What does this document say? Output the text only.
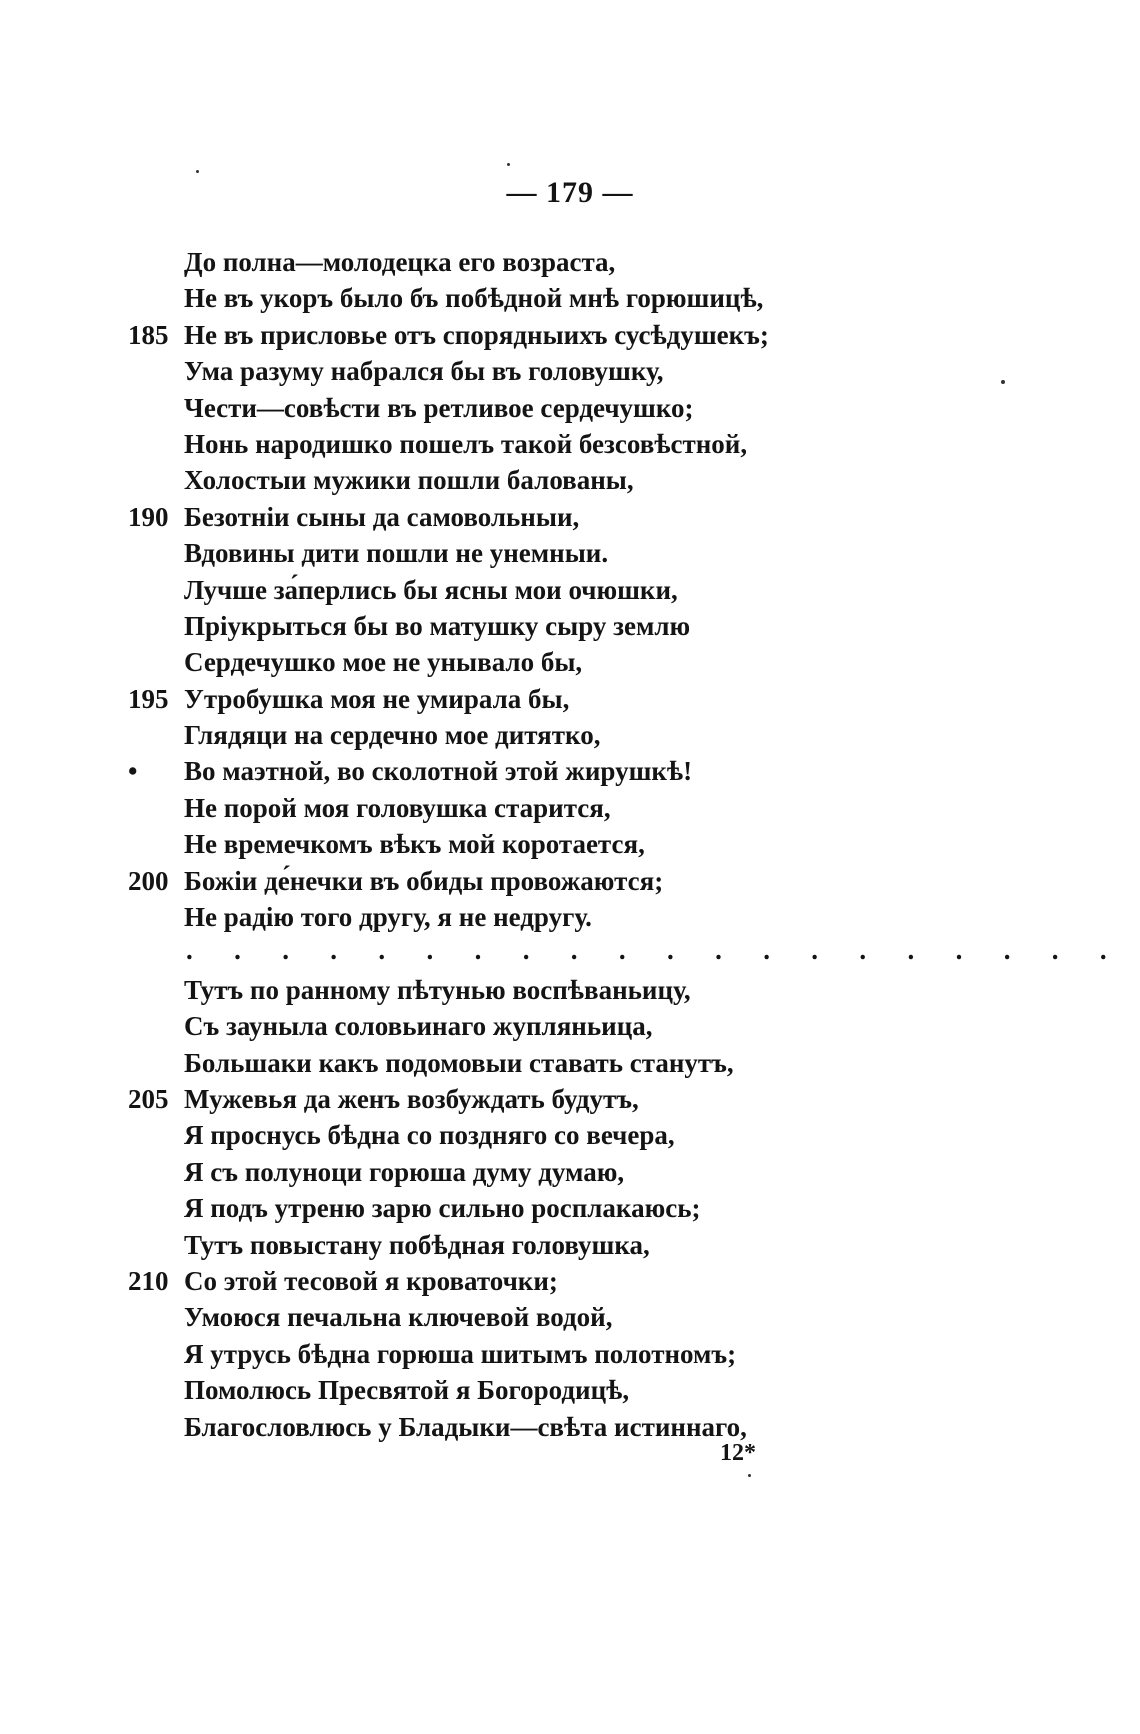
— 179 —
До полна—молодецка его возраста,
Не въ укоръ было бъ побѣдной мнѣ горюшицѣ,
185 Не въ присловье отъ спорядныихъ сусѣдушекъ;
Ума разуму набрался бы въ головушку,
Чести—совѣсти въ ретливое сердечушко;
Нонь народишко пошелъ такой безсовѣстной,
Холостыи мужики пошли балованы,
190 Безотніи сыны да самовольныи,
Вдовины дити пошли не унемныи.
Лучше за́перлись бы ясны мои очюшки,
Пріукрыться бы во матушку сыру землю
Сердечушко мое не унывало бы,
195 Утробушка моя не умирала бы,
Глядяци на сердечно мое дитятко,
•	Во маэтной, во сколотной этой жирушкѣ!
Не порой моя головушка старится,
Не времечкомъ вѣкъ мой коротается,
200 Божіи де́нечки въ обиды провожаются;
Не радію того другу, я не недругу.
. . . . . . . . . . . . . . . . . . . .
Тутъ по ранному пѣтунью воспѣваньицу,
Съ зауныла соловьинаго жупляньица,
Большаки какъ подомовыи ставать станутъ,
205 Мужевья да женъ возбуждать будутъ,
Я проснусь бѣдна со поздняго со вечера,
Я съ полуноци горюша думу думаю,
Я подъ утреню зарю сильно росплакаюсь;
Тутъ повыстану побѣдная головушка,
210 Со этой тесовой я кроваточки;
Умоюся печальна ключевой водой,
Я утрусь бѣдна горюша шитымъ полотномъ;
Помолюсь Пресвятой я Богородицѣ,
Благословлюсь у Бладыки—свѣта истиннаго,
12*
